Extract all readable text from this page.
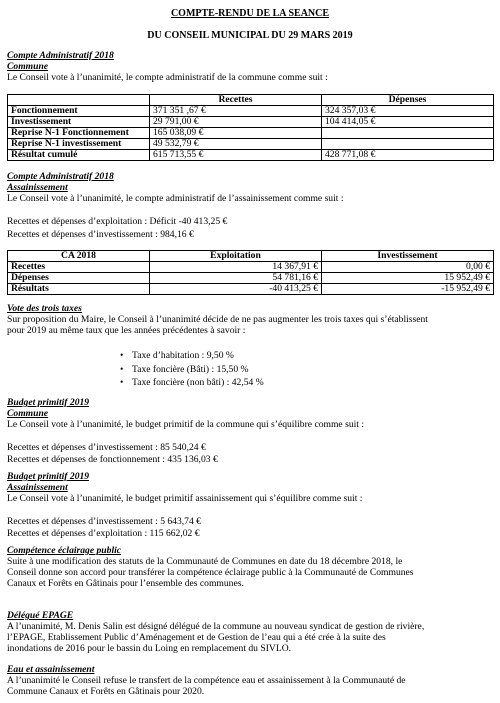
COMPTE-RENDU DE LA SEANCE
DU CONSEIL MUNICIPAL DU 29 MARS 2019

Compte Administratif 2018

Commune

Le Conseil vote à l’unanimité, le compte administratif de la commune comme suit :

	Recettes	Dépenses
Fonctionnement	371 351 ,67 €	324 357,03 €
Investissement	29 791,00 €	104 414,05 €
Reprise N-1 Fonctionnement	165 038,09 €	
Reprise N-1 investissement	49 532,79 €	
Résultat cumulé	615 713,55 €	428 771,08 €

Compte Administratif 2018

Assainissement

Le Conseil vote à l’unanimité, le compte administratif de l’assainissement comme suit :

Recettes et dépenses d’exploitation : Déficit -40 413,25 €

Recettes et dépenses d’investissement : 984,16 €

CA 2018	Exploitation	Investissement
Recettes	14 367,91 €	0,00 €
Dépenses	54 781,16 €	15 952,49 €
Résultats	-40 413,25 €	-15 952,49 €

Vote des trois taxes

Sur proposition du Maire, le Conseil à l’unanimité décide de ne pas augmenter les trois taxes qui s’établissent

pour 2019 au même taux que les années précédentes à savoir :

• Taxe d’habitation : 9,50 %
• Taxe foncière (Bâti) : 15,50 %
• Taxe foncière (non bâti) : 42,54 %

Budget primitif 2019

Commune

Le Conseil vote à l’unanimité, le budget primitif de la commune qui s’équilibre comme suit :

Recettes et dépenses d’investissement : 85 540,24 €

Recettes et dépenses de fonctionnement : 435 136,03 €

Budget primitif 2019

Assainissement

Le Conseil vote à l’unanimité, le budget primitif assainissement qui s’équilibre comme suit :

Recettes et dépenses d’investissement : 5 643,74 €

Recettes et dépenses d’exploitation : 115 662,02 €

Compétence éclairage public

Suite à une modification des statuts de la Communauté de Communes en date du 18 décembre 2018, le

Conseil donne son accord pour transférer la compétence éclairage public à la Communauté de Communes

Canaux et Forêts en Gâtinais pour l’ensemble des communes.

Délégué EPAGE

A l’unanimité, M. Denis Salin est désigné délégué de la commune au nouveau syndicat de gestion de rivière,

l’EPAGE, Etablissement Public d’Aménagement et de Gestion de l’eau qui a été crée à la suite des

inondations de 2016 pour le bassin du Loing en remplacement du SIVLO.

Eau et assainissement

A l’unanimité le Conseil refuse le transfert de la compétence eau et assainissement à la Communauté de

Commune Canaux et Forêts en Gâtinais pour 2020.
